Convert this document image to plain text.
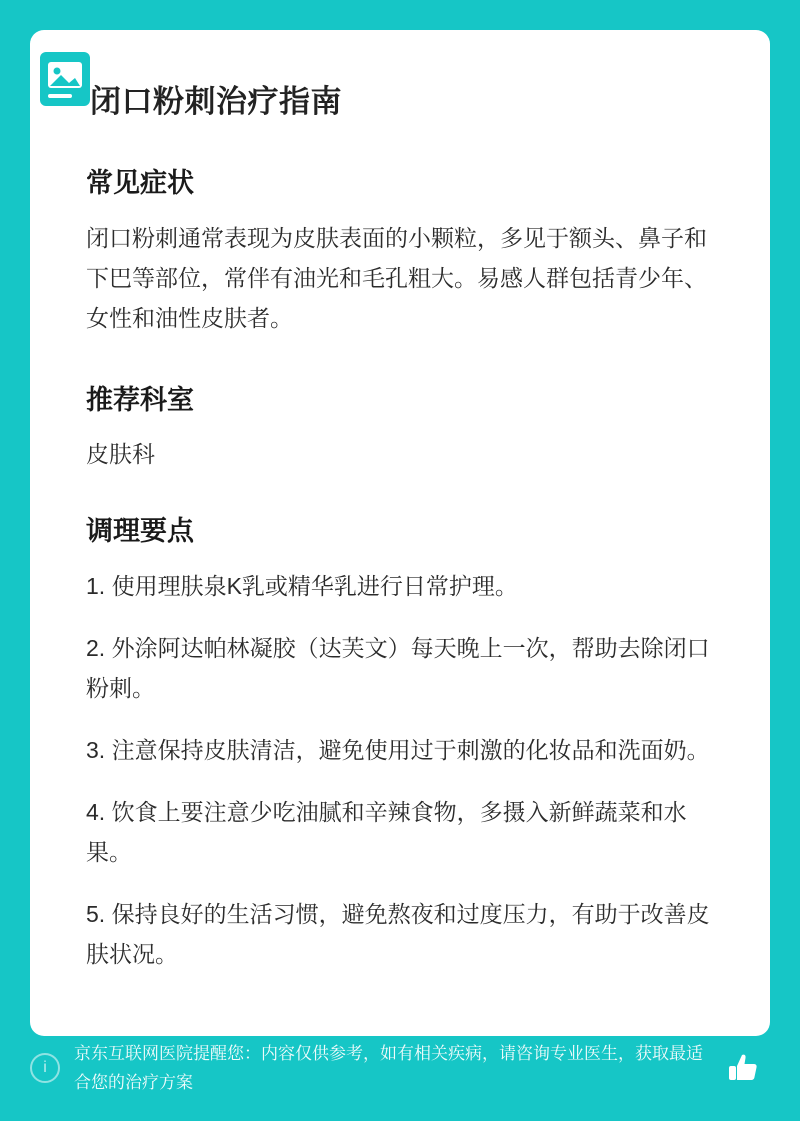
闭口粉刺治疗指南
常见症状

闭口粉刺通常表现为皮肤表面的小颗粒，多见于额头、鼻子和下巴等部位，常伴有油光和毛孔粗大。易感人群包括青少年、女性和油性皮肤者。

推荐科室

皮肤科

调理要点
1. 使用理肤泉K乳或精华乳进行日常护理。
2. 外涂阿达帕林凝胶（达芙文）每天晚上一次，帮助去除闭口粉刺。
3. 注意保持皮肤清洁，避免使用过于刺激的化妆品和洗面奶。
4. 饮食上要注意少吃油腻和辛辣食物，多摄入新鲜蔬菜和水果。
5. 保持良好的生活习惯，避免熬夜和过度压力，有助于改善皮肤状况。
i
京东互联网医院提醒您：内容仅供参考，如有相关疾病，请咨询专业医生，获取最适合您的治疗方案
